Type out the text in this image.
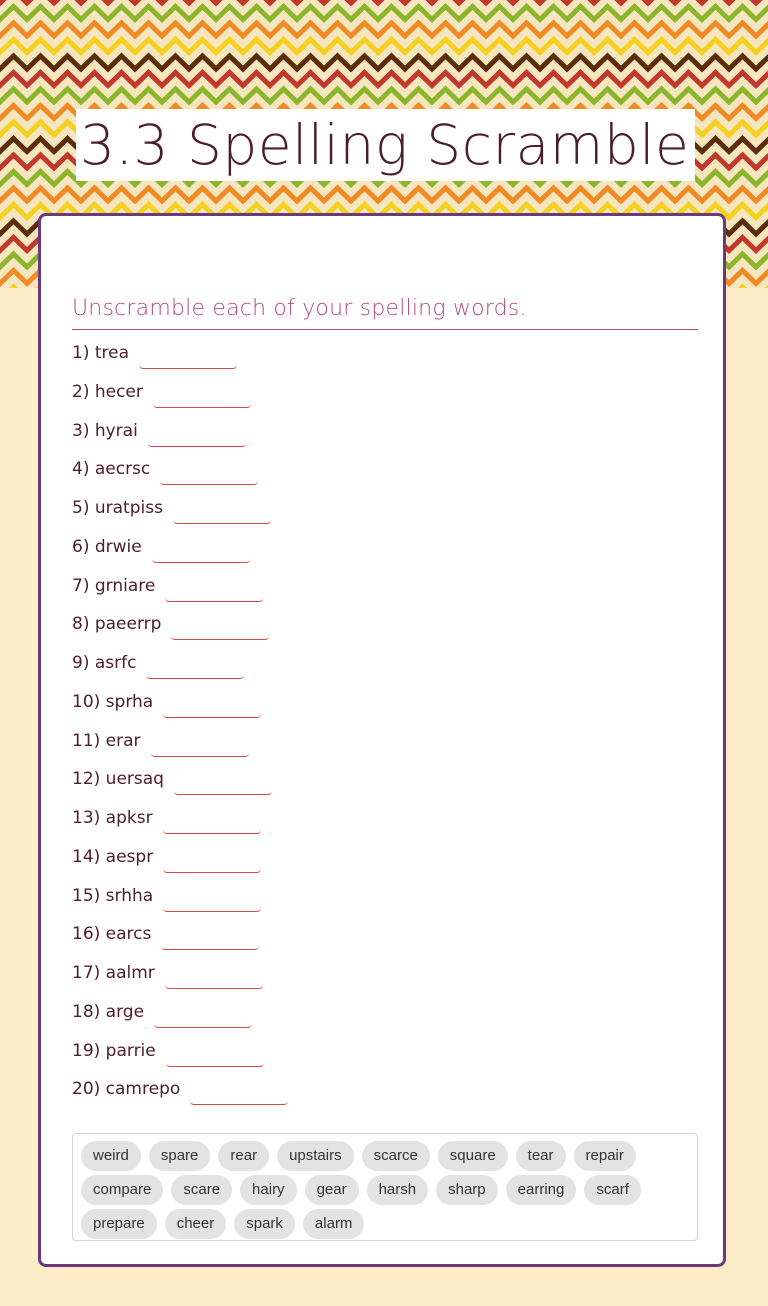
3.3 Spelling Scramble
Unscramble each of your spelling words.
1) trea
2) hecer
3) hyrai
4) aecrsc
5) uratpiss
6) drwie
7) grniare
8) paeerrp
9) asrfc
10) sprha
11) erar
12) uersaq
13) apksr
14) aespr
15) srhha
16) earcs
17) aalmr
18) arge
19) parrie
20) camrepo
weird	spare	rear	upstairs	scarce	square	tear	repair
compare	scare	hairy	gear	harsh	sharp	earring	scarf
prepare	cheer	spark	alarm
